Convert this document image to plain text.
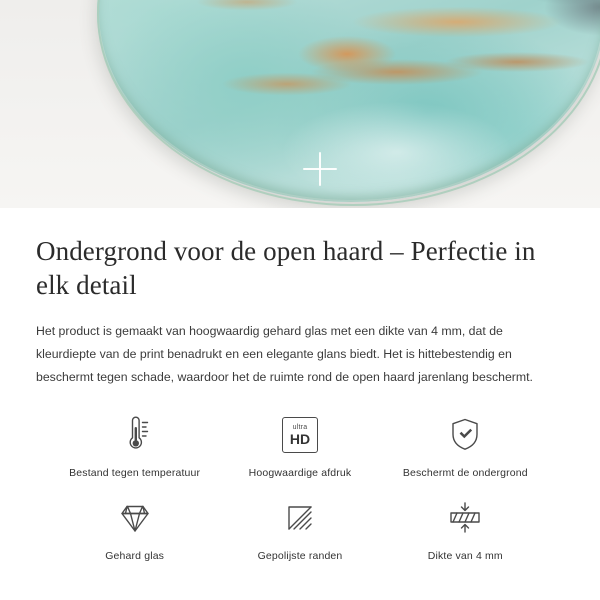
Ondergrond voor de open haard – Perfectie in elk detail

Het product is gemaakt van hoogwaardig gehard glas met een dikte van 4 mm, dat de kleurdiepte van de print benadrukt en een elegante glans biedt. Het is hittebestendig en beschermt tegen schade, waardoor het de ruimte rond de open haard jarenlang beschermt.

Bestand tegen temperatuur
ultra
HD
Hoogwaardige afdruk	Beschermt de ondergrond
Gehard glas	Gepolijste randen	Dikte van 4 mm
